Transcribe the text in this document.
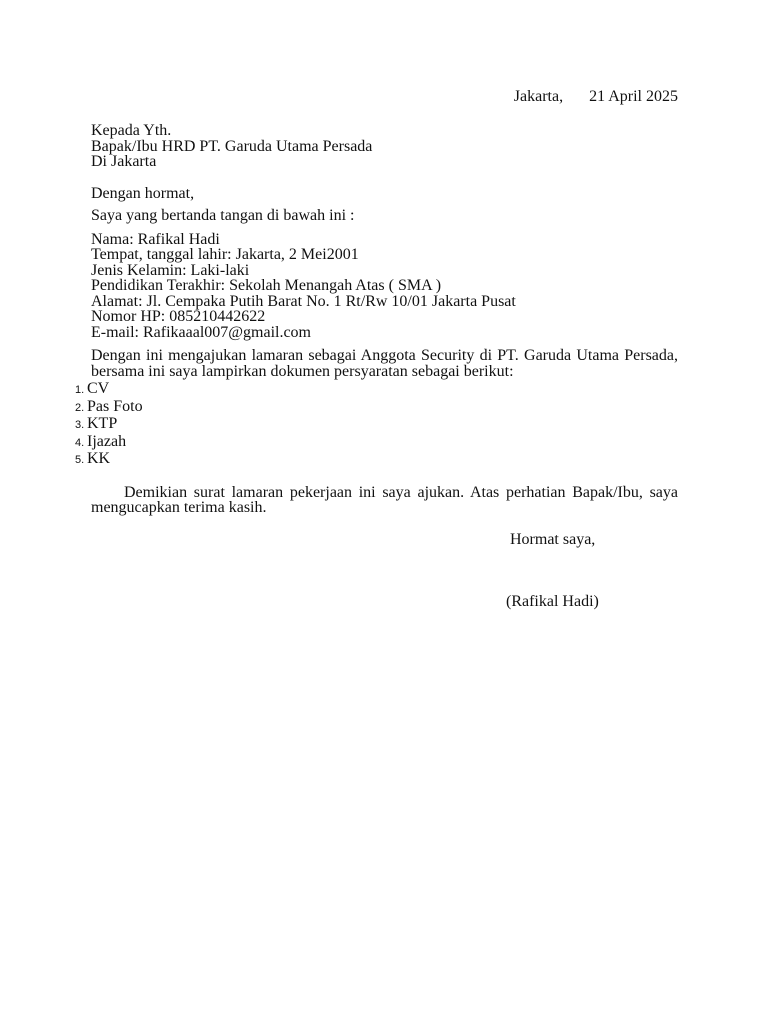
Jakarta, 21 April 2025
Kepada Yth.
Bapak/Ibu HRD PT. Garuda Utama Persada
Di Jakarta
Dengan hormat,
Saya yang bertanda tangan di bawah ini :
Nama: Rafikal Hadi
Tempat, tanggal lahir: Jakarta, 2 Mei2001
Jenis Kelamin: Laki-laki
Pendidikan Terakhir: Sekolah Menangah Atas ( SMA )
Alamat: Jl. Cempaka Putih Barat No. 1 Rt/Rw 10/01 Jakarta Pusat
Nomor HP: 085210442622
E-mail: Rafikaaal007@gmail.com
Dengan ini mengajukan lamaran sebagai Anggota Security di PT. Garuda Utama Persada, bersama ini saya lampirkan dokumen persyaratan sebagai berikut:
1. CV
2. Pas Foto
3. KTP
4. Ijazah
5. KK
Demikian surat lamaran pekerjaan ini saya ajukan. Atas perhatian Bapak/Ibu, saya mengucapkan terima kasih.
Hormat saya,
(Rafikal Hadi)
